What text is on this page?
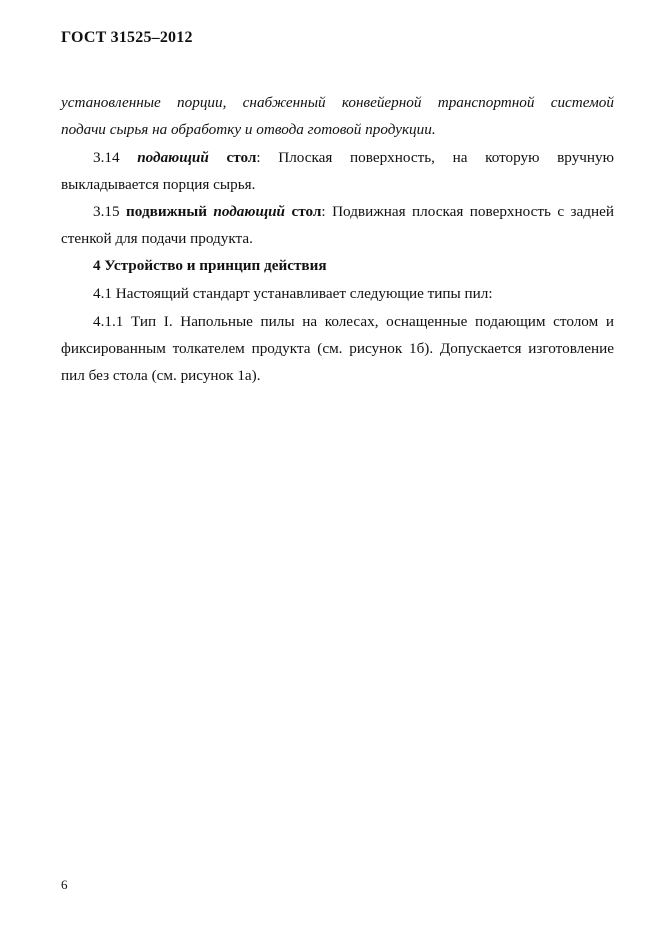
ГОСТ 31525–2012
установленные порции, снабженный конвейерной транспортной системой
подачи сырья на обработку и отвода готовой продукции.
3.14 подающий стол: Плоская поверхность, на которую вручную
выкладывается порция сырья.
3.15 подвижный подающий стол: Подвижная плоская поверхность с задней
стенкой для подачи продукта.
4 Устройство и принцип действия
4.1 Настоящий стандарт устанавливает следующие типы пил:
4.1.1 Тип I. Напольные пилы на колесах, оснащенные подающим столом и
фиксированным толкателем продукта (см. рисунок 1б). Допускается изготовление
пил без стола (см. рисунок 1а).
6
